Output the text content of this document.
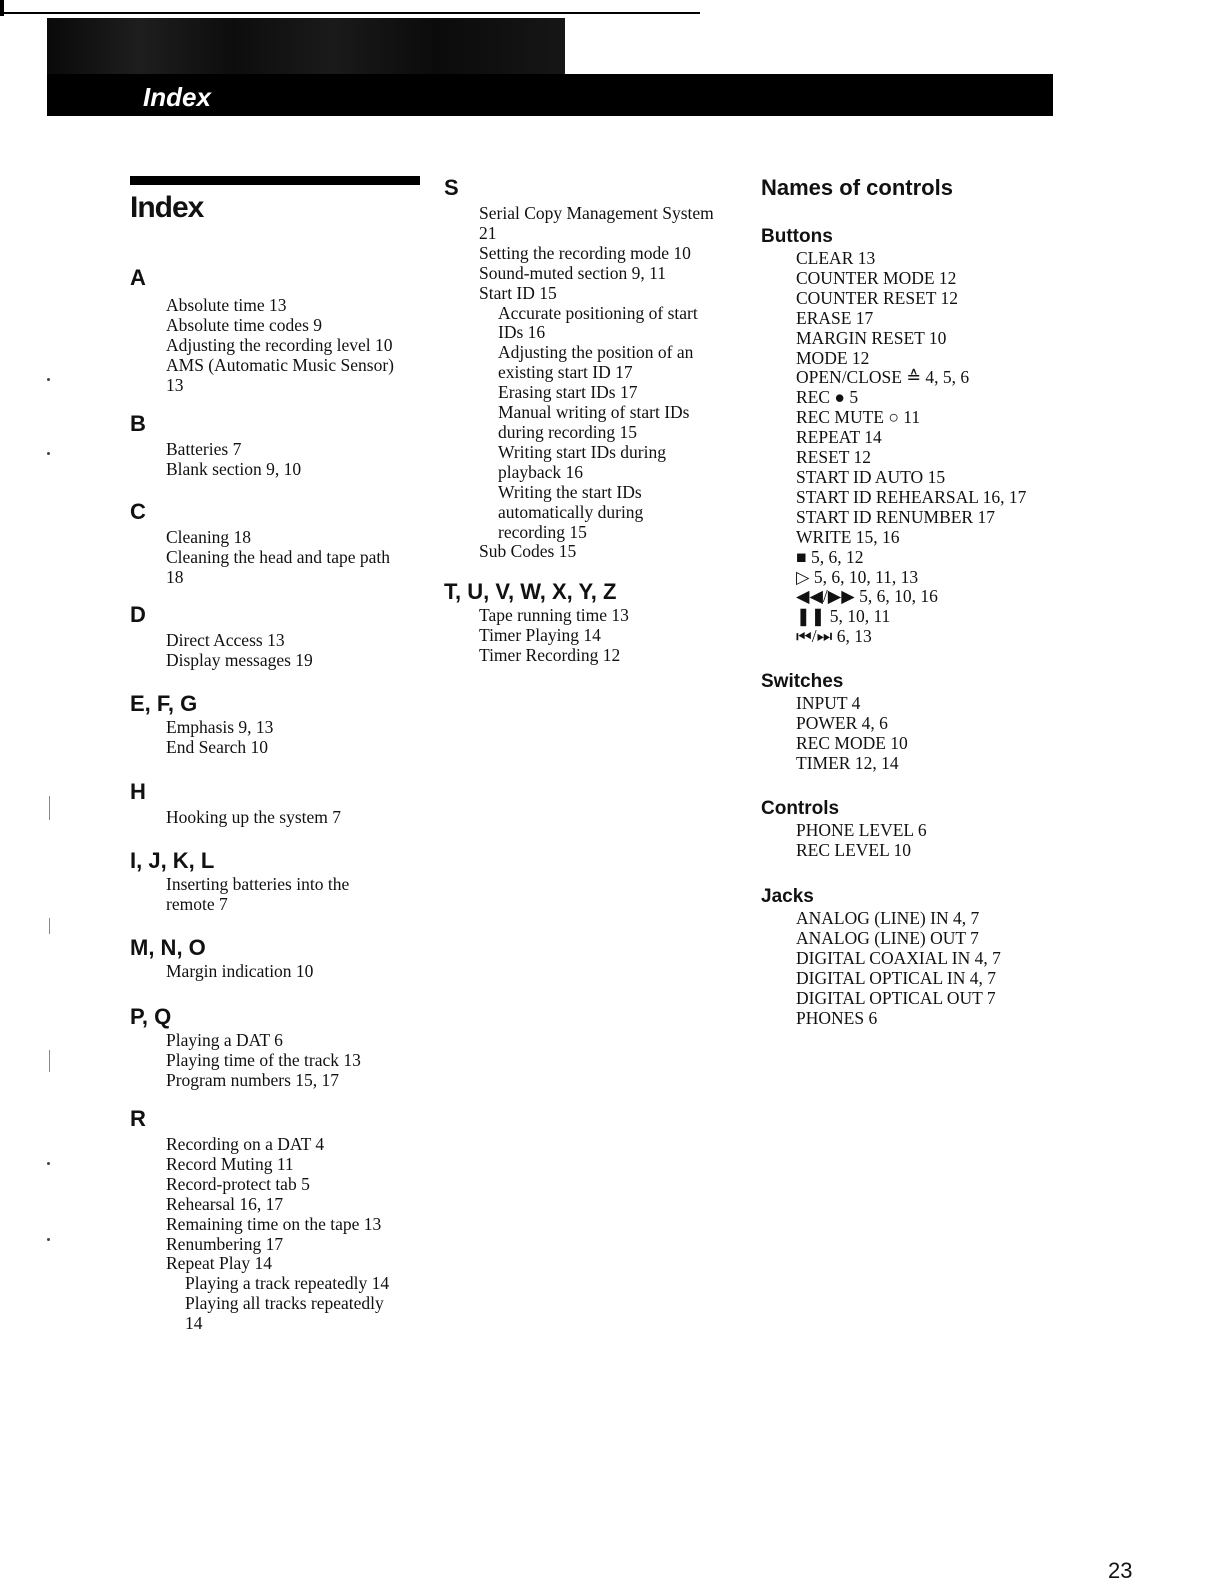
Index
Index
A
Absolute time 13
Absolute time codes 9
Adjusting the recording level 10
AMS (Automatic Music Sensor)
13
B
Batteries 7
Blank section 9, 10
C
Cleaning 18
Cleaning the head and tape path
18
D
Direct Access 13
Display messages 19
E, F, G
Emphasis 9, 13
End Search 10
H
Hooking up the system 7
I, J, K, L
Inserting batteries into the
remote 7
M, N, O
Margin indication 10
P, Q
Playing a DAT 6
Playing time of the track 13
Program numbers 15, 17
R
Recording on a DAT 4
Record Muting 11
Record-protect tab 5
Rehearsal 16, 17
Remaining time on the tape 13
Renumbering 17
Repeat Play 14
Playing a track repeatedly 14
Playing all tracks repeatedly
14
S
Serial Copy Management System
21
Setting the recording mode 10
Sound-muted section 9, 11
Start ID 15
Accurate positioning of start
IDs 16
Adjusting the position of an
existing start ID 17
Erasing start IDs 17
Manual writing of start IDs
during recording 15
Writing start IDs during
playback 16
Writing the start IDs
automatically during
recording 15
Sub Codes 15
T, U, V, W, X, Y, Z
Tape running time 13
Timer Playing 14
Timer Recording 12
Names of controls
Buttons
CLEAR 13
COUNTER MODE 12
COUNTER RESET 12
ERASE 17
MARGIN RESET 10
MODE 12
OPEN/CLOSE ≙ 4, 5, 6
REC ● 5
REC MUTE ○ 11
REPEAT 14
RESET 12
START ID AUTO 15
START ID REHEARSAL 16, 17
START ID RENUMBER 17
WRITE 15, 16
■ 5, 6, 12
▷ 5, 6, 10, 11, 13
◀◀/▶▶ 5, 6, 10, 16
❚❚ 5, 10, 11
⏮/⏭ 6, 13
Switches
INPUT 4
POWER 4, 6
REC MODE 10
TIMER 12, 14
Controls
PHONE LEVEL 6
REC LEVEL 10
Jacks
ANALOG (LINE) IN 4, 7
ANALOG (LINE) OUT 7
DIGITAL COAXIAL IN 4, 7
DIGITAL OPTICAL IN 4, 7
DIGITAL OPTICAL OUT 7
PHONES 6
23
